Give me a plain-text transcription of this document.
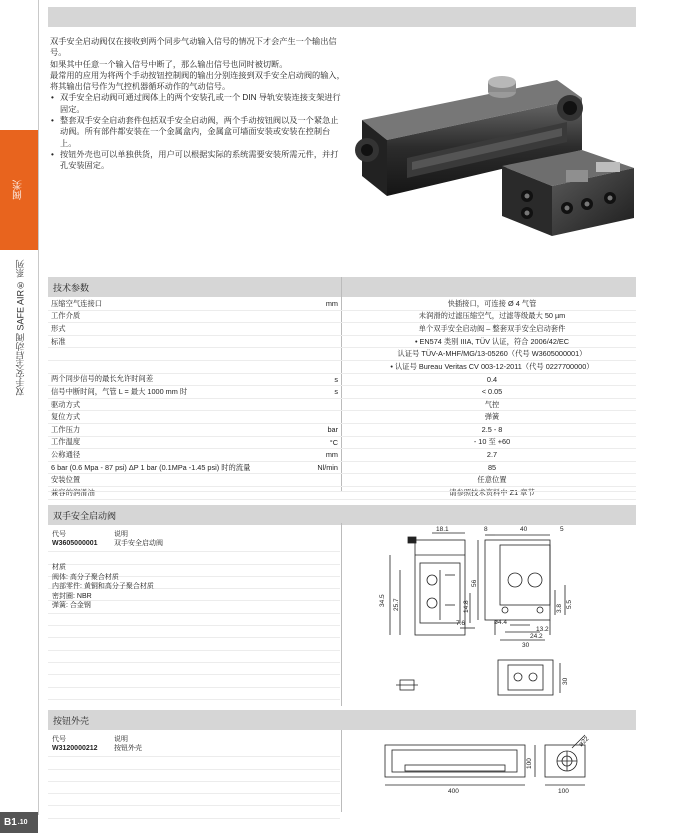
阀类
双手安全启动阀 SAFE AIR® 系列
B1 .10

双手安全启动阀仅在接收到两个同步气动输入信号的情况下才会产生一个输出信号。

如果其中任意一个输入信号中断了，那么输出信号也同时被切断。

最常用的应用为将两个手动按钮控制阀的输出分别连接到双手安全启动阀的输入，将其输出信号作为气控机器循环动作的气动信号。

• 双手安全启动阀可通过阀体上的两个安装孔或一个 DIN 导轨安装连接支架进行固定。
• 整套双手安全启动套件包括双手安全启动阀，两个手动按钮阀以及一个紧急止动阀。所有部件都安装在一个金属盒内，金属盒可墙面安装或安装在控制台上。
• 按钮外壳也可以单独供货，用户可以根据实际的系统需要安装所需元件，并打孔安装固定。
技术参数
压缩空气连接口	mm	快插接口，可连接 Ø 4 气管
工作介质	未润滑的过滤压缩空气，过滤等级最大 50 µm
形式	单个双手安全启动阀 – 整套双手安全启动套件
标准	• EN574 类别 IIIA, TÜV 认证，符合 2006/42/EC
认证号 TÜV-A-MHF/MG/13-05260（代号 W3605000001）
• 认证号 Bureau Veritas CV 003-12-2011（代号 0227700000）
两个同步信号的最长允许时间差	s	0.4
信号中断时间，气管 L = 最大 1000 mm 时	s	< 0.05
驱动方式	气控
复位方式	弹簧
工作压力	bar	2.5 - 8
工作温度	°C	- 10 至 +60
公称通径	mm	2.7
6 bar (0.6 Mpa - 87 psi) ΔP 1 bar (0.1MPa -1.45 psi) 时的流量	Nl/min	85
安装位置	任意位置
兼容的润滑油	请参照技术资料中 Z1 章节
双手安全启动阀
代号	说明
W3605000001 双手安全启动阀
材质
阀体: 高分子聚合材质
内部零件: 黄铜和高分子聚合材质
密封圈: NBR
弹簧: 合金钢
18.1	8	40	5
56
34.5 25.7	14.8
7.6
3.8 5.5
ø4.4
13.2
24.2
30
30
按钮外壳
代号	说明
W3120000212 按钮外壳
400
100
100
ø22
